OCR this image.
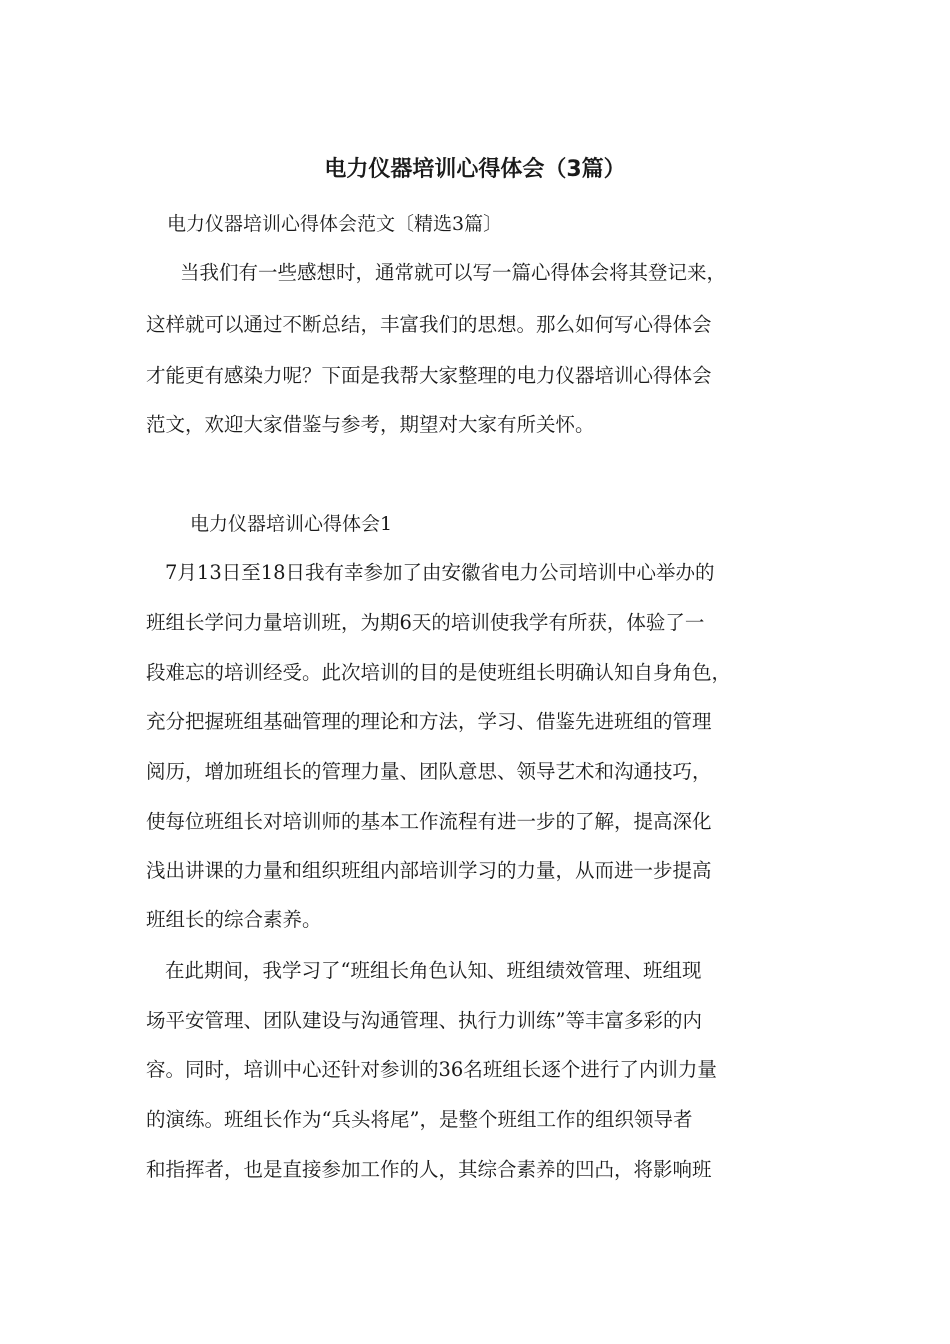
电力仪器培训心得体会（3篇）

电力仪器培训心得体会范文〔精选3篇〕

当我们有一些感想时，通常就可以写一篇心得体会将其登记来，

这样就可以通过不断总结，丰富我们的思想。那么如何写心得体会

才能更有感染力呢？下面是我帮大家整理的电力仪器培训心得体会

范文，欢迎大家借鉴与参考，期望对大家有所关怀。

电力仪器培训心得体会1

7月13日至18日我有幸参加了由安徽省电力公司培训中心举办的

班组长学问力量培训班，为期6天的培训使我学有所获，体验了一

段难忘的培训经受。此次培训的目的是使班组长明确认知自身角色，

充分把握班组基础管理的理论和方法，学习、借鉴先进班组的管理

阅历，增加班组长的管理力量、团队意思、领导艺术和沟通技巧，

使每位班组长对培训师的基本工作流程有进一步的了解，提高深化

浅出讲课的力量和组织班组内部培训学习的力量，从而进一步提高

班组长的综合素养。

在此期间，我学习了“班组长角色认知、班组绩效管理、班组现

场平安管理、团队建设与沟通管理、执行力训练”等丰富多彩的内

容。同时，培训中心还针对参训的36名班组长逐个进行了内训力量

的演练。班组长作为“兵头将尾”，是整个班组工作的组织领导者

和指挥者，也是直接参加工作的人，其综合素养的凹凸，将影响班
